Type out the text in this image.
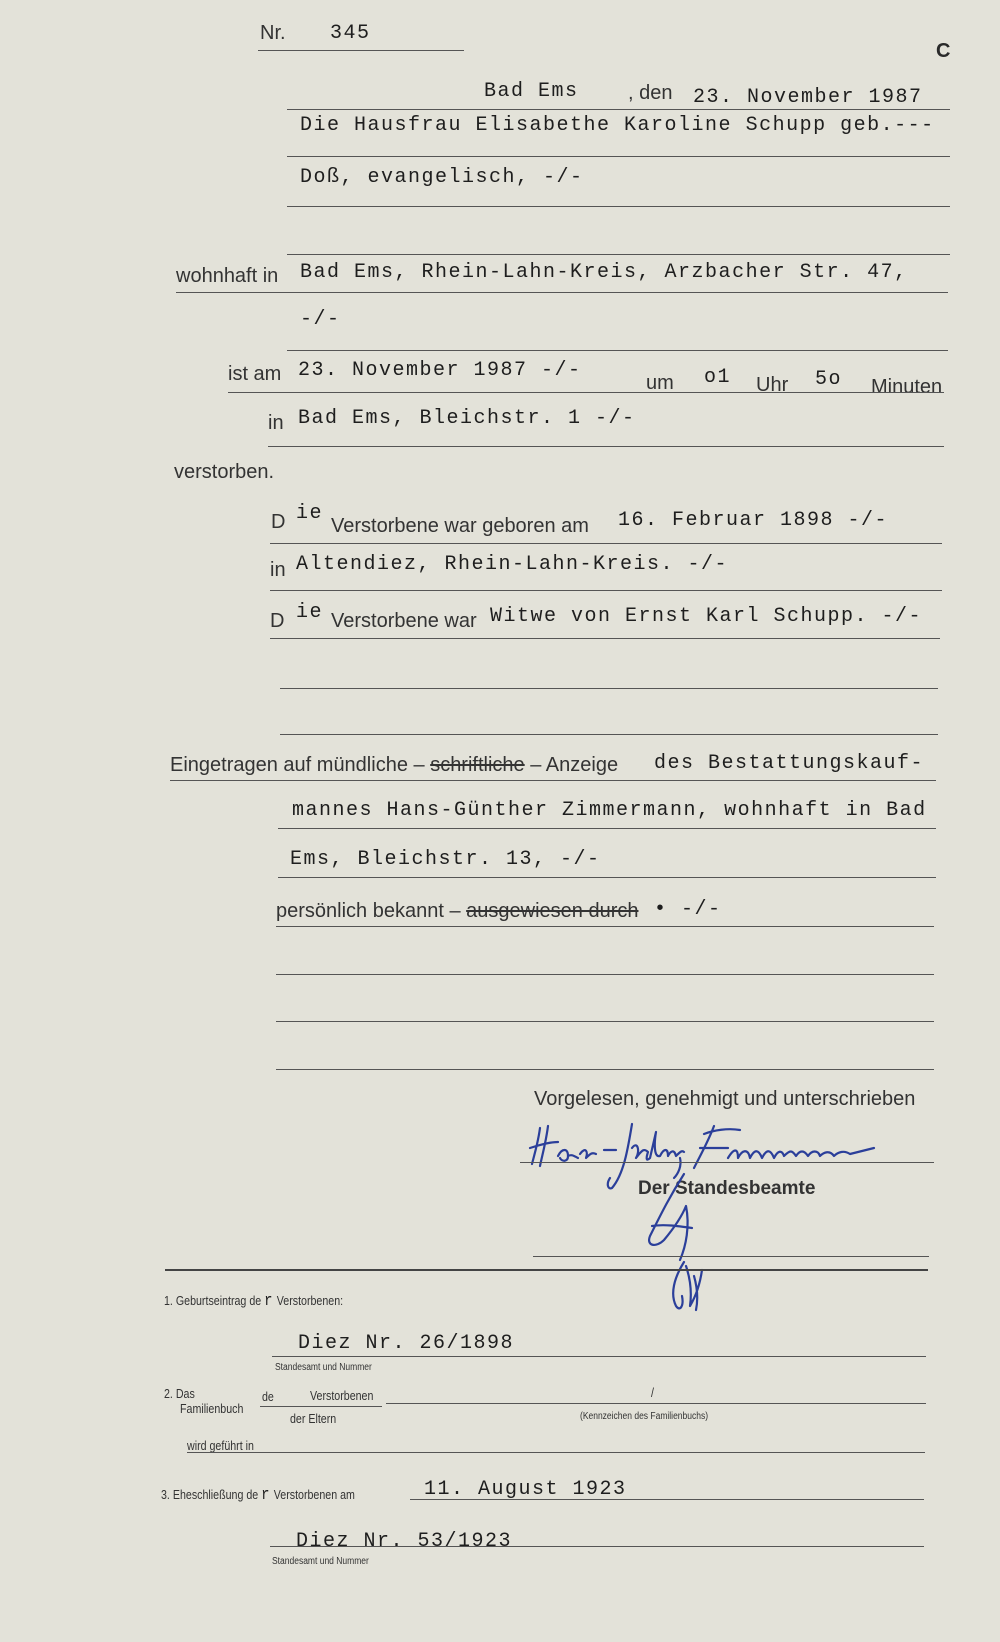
Nr. 345
C
Bad Ems , den 23. November 1987
Die Hausfrau Elisabethe Karoline Schupp geb.---
Doß, evangelisch, -/-
wohnhaft in Bad Ems, Rhein-Lahn-Kreis, Arzbacher Str. 47,
-/-
ist am 23. November 1987 -/-
um o1 Uhr 5o Minuten
in Bad Ems, Bleichstr. 1 -/-
verstorben.
D ie
Verstorbene war geboren am 16. Februar 1898 -/-
in Altendiez, Rhein-Lahn-Kreis. -/-
D ie Verstorbene war Witwe von Ernst Karl Schupp. -/-
Eingetragen auf mündliche – schriftliche – Anzeige des Bestattungskauf-
mannes Hans-Günther Zimmermann, wohnhaft in Bad
Ems, Bleichstr. 13, -/-
persönlich bekannt – ausgewiesen durch • -/-
Vorgelesen, genehmigt und unterschrieben
Der Standesbeamte
1. Geburtseintrag de r Verstorbenen:
Diez Nr. 26/1898
Standesamt und Nummer
2. Das
Familienbuch
de	Verstorbenen
der Eltern
/
(Kennzeichen des Familienbuchs)
wird geführt in
3. Eheschließung de r Verstorbenen am	11. August 1923
Diez Nr. 53/1923
Standesamt und Nummer
